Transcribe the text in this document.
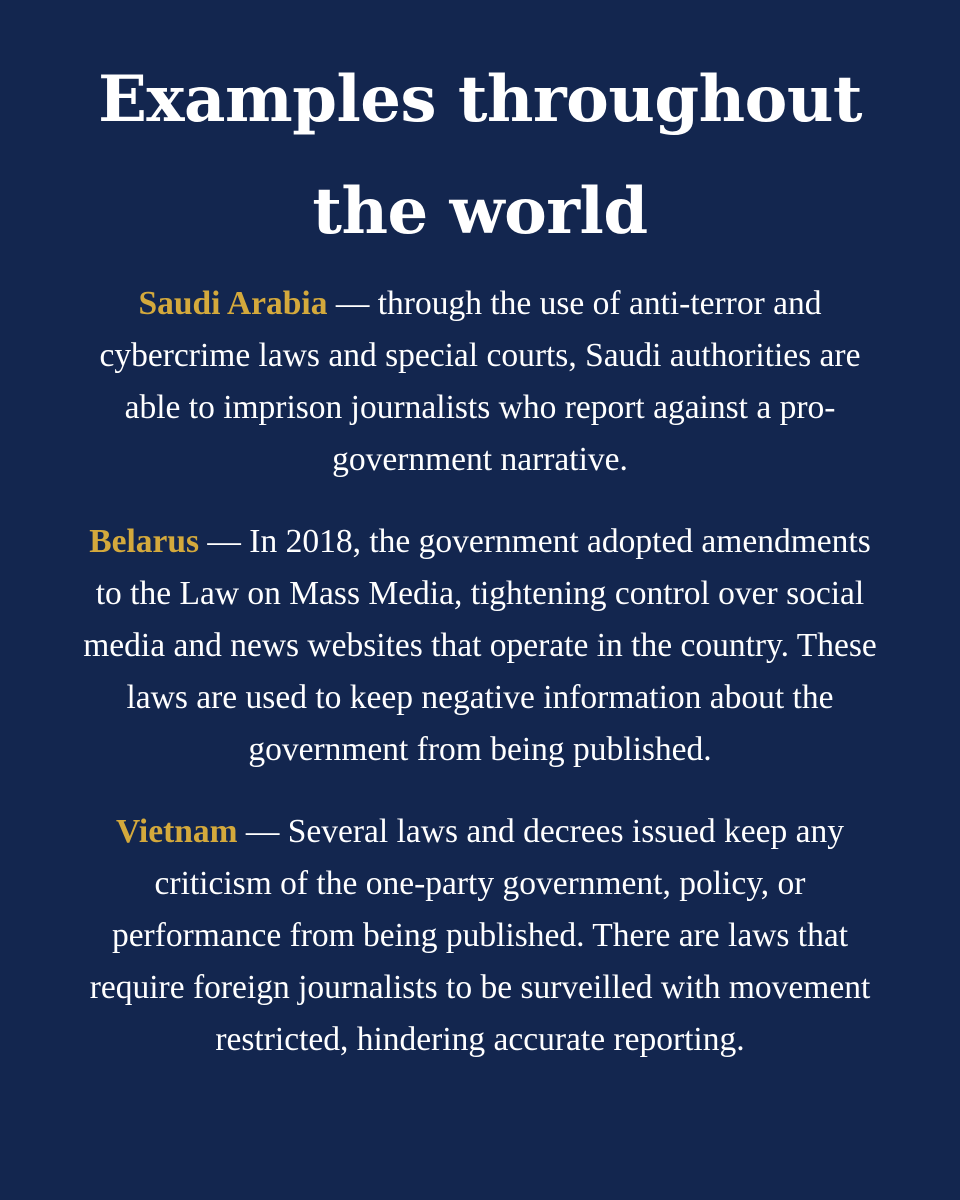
Examples throughout the world

Saudi Arabia — through the use of anti-terror and cybercrime laws and special courts, Saudi authorities are able to imprison journalists who report against a pro-government narrative.

Belarus — In 2018, the government adopted amendments to the Law on Mass Media, tightening control over social media and news websites that operate in the country. These laws are used to keep negative information about the government from being published.

Vietnam — Several laws and decrees issued keep any criticism of the one-party government, policy, or performance from being published. There are laws that require foreign journalists to be surveilled with movement restricted, hindering accurate reporting.
